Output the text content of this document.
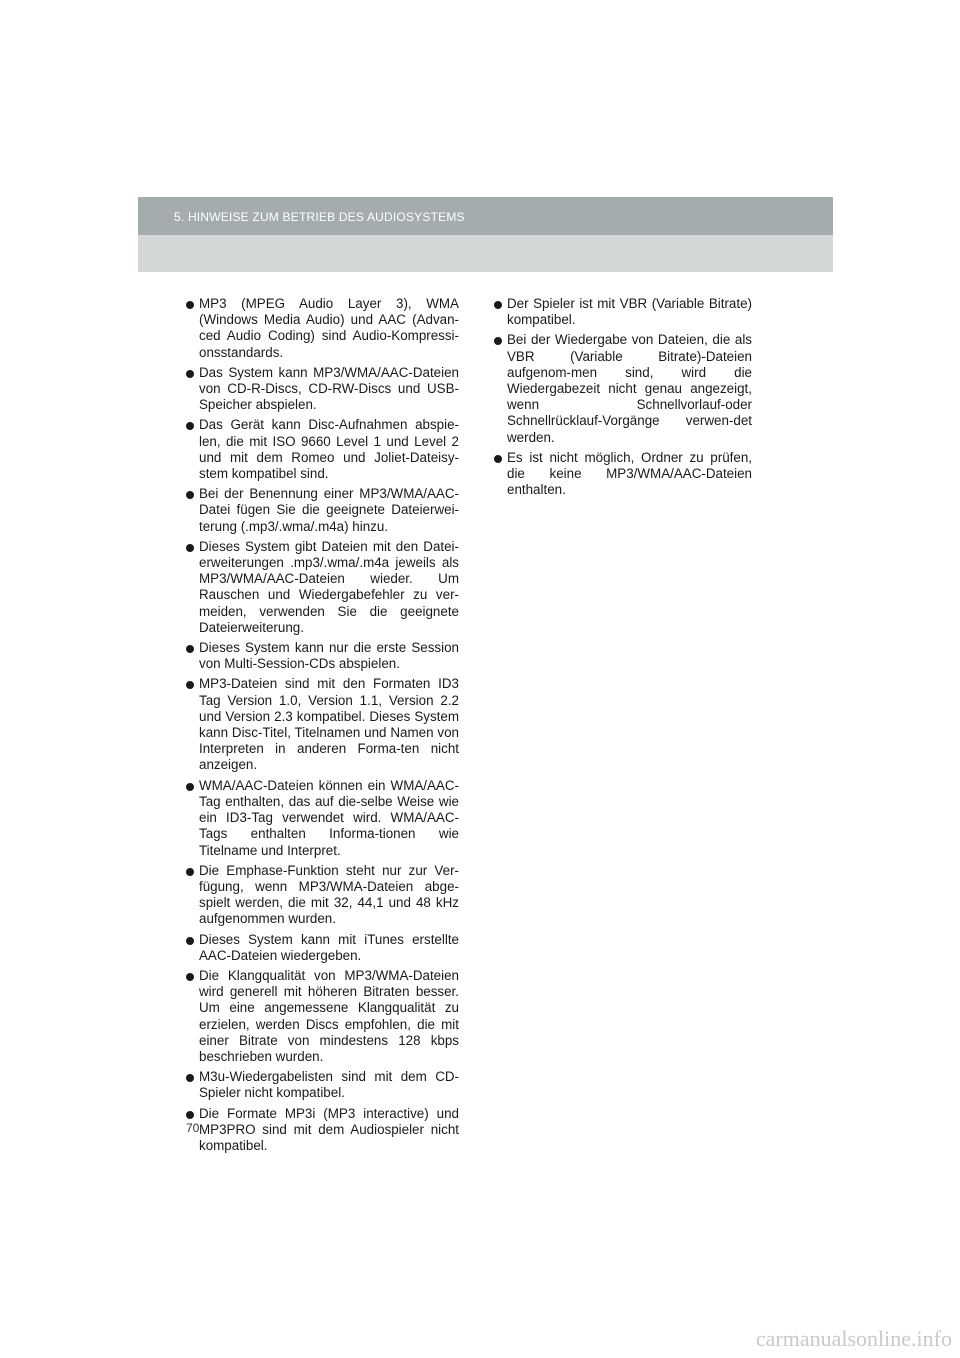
5. HINWEISE ZUM BETRIEB DES AUDIOSYSTEMS
MP3 (MPEG Audio Layer 3), WMA (Windows Media Audio) und AAC (Advan-ced Audio Coding) sind Audio-Kompressi-onsstandards.
Das System kann MP3/WMA/AAC-Dateien von CD-R-Discs, CD-RW-Discs und USB-Speicher abspielen.
Das Gerät kann Disc-Aufnahmen abspie-len, die mit ISO 9660 Level 1 und Level 2 und mit dem Romeo und Joliet-Dateisy-stem kompatibel sind.
Bei der Benennung einer MP3/WMA/AAC-Datei fügen Sie die geeignete Dateierwei-terung (.mp3/.wma/.m4a) hinzu.
Dieses System gibt Dateien mit den Datei-erweiterungen .mp3/.wma/.m4a jeweils als MP3/WMA/AAC-Dateien wieder. Um Rauschen und Wiedergabefehler zu ver-meiden, verwenden Sie die geeignete Dateierweiterung.
Dieses System kann nur die erste Session von Multi-Session-CDs abspielen.
MP3-Dateien sind mit den Formaten ID3 Tag Version 1.0, Version 1.1, Version 2.2 und Version 2.3 kompatibel. Dieses System kann Disc-Titel, Titelnamen und Namen von Interpreten in anderen Forma-ten nicht anzeigen.
WMA/AAC-Dateien können ein WMA/AAC-Tag enthalten, das auf die-selbe Weise wie ein ID3-Tag verwendet wird. WMA/AAC-Tags enthalten Informa-tionen wie Titelname und Interpret.
Die Emphase-Funktion steht nur zur Ver-fügung, wenn MP3/WMA-Dateien abge-spielt werden, die mit 32, 44,1 und 48 kHz aufgenommen wurden.
Dieses System kann mit iTunes erstellte AAC-Dateien wiedergeben.
Die Klangqualität von MP3/WMA-Dateien wird generell mit höheren Bitraten besser. Um eine angemessene Klangqualität zu erzielen, werden Discs empfohlen, die mit einer Bitrate von mindestens 128 kbps beschrieben wurden.
M3u-Wiedergabelisten sind mit dem CD-Spieler nicht kompatibel.
Die Formate MP3i (MP3 interactive) und MP3PRO sind mit dem Audiospieler nicht kompatibel.
Der Spieler ist mit VBR (Variable Bitrate) kompatibel.
Bei der Wiedergabe von Dateien, die als VBR (Variable Bitrate)-Dateien aufgenom-men sind, wird die Wiedergabezeit nicht genau angezeigt, wenn Schnellvorlauf-oder Schnellrücklauf-Vorgänge verwen-det werden.
Es ist nicht möglich, Ordner zu prüfen, die keine MP3/WMA/AAC-Dateien enthalten.
70
carmanualsonline.info
